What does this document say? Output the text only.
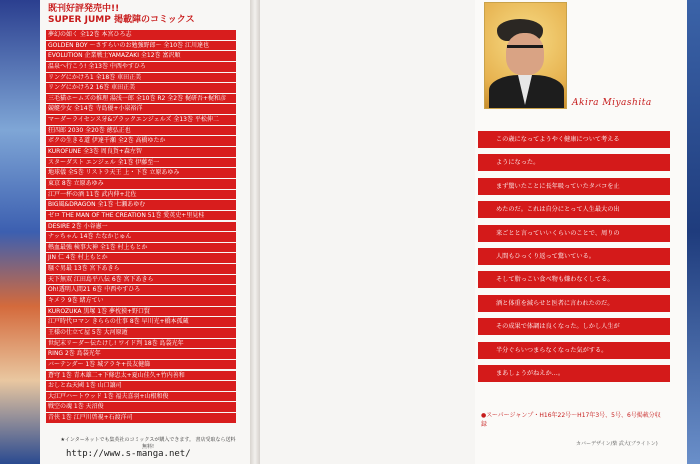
既刊好評発売中!!
SUPER JUMP 掲載陣のコミックス
夢幻の如く 全12巻 本宮ひろ志
GOLDEN BOY ～さすらいのお勉強野郎～ 全10巻 江川達也
EVOLUTION 企業戦士YAMAZAKI 全12巻 富沢順
温泉へ行こう! 全13巻 中西やすひろ
リングにかけろ1 全18巻 車田正美
リングにかけろ2 16巻 車田正美
三毛猫ホームズの推理 湯浅一郎 全10巻 R2 全2巻 梶研吾+梶和彦
競艇少女 全14巻 寺島優+小泉裕洋
マーダーライセンス牙&ブラックエンジェルズ 全13巻 平松伸二
狂四郎 2030 全20巻 徳弘正也
ボクの生きる道 伊達千瀬 全2巻 高橋ゆたか
KUROFUNE 全3巻 周良貨+森左智
スターダスト エンジェル 全1巻 伊藤至一
地球儀 全5巻 リストラ天王 上・下巻 立原あゆみ
東京 8巻 立原あゆみ
江戸一杯の酒 11巻 武内伸+北佐
BIG風&DRAGON 全1巻 七瀬あゆむ
ゼロ THE MAN OF THE CREATION 51巻 愛英史+里見桂
DESIRE 2巻 小谷憲一
ナッちゃん 14巻 たなかじゅん
熱血最強 検事大神 全1巻 村上もとか
JIN 仁 4巻 村上もとか
騒ぐ男最 13巻 宮下あきら
天下無双 江田島平八伝 6巻 宮下あきら
Oh!透明人間21 6巻 中西やすひろ
キメラ 9巻 緒方てい
KUROZUKA 黒塚 1巻 夢枕獏+野口賢
江戸時代ロマン きららの仕事 8巻 早川光+橋本孤蔵
王様の仕立て屋 5巻 大河原遁
世紀末リーダー伝たけし! ワイド判 18巻 島袋光年
RING 2巻 島袋光年
バーテンダー 1巻 城アラキ+長友健篩
蒼穹 1巻 青木雄二+下條忠太+夏山佳久+竹内善和
おしとね天國 1巻 山口譲司
大江戸ハートウッド 1巻 福夫喜羽+山根和俊
戦空の魂 1巻 天沼俊
青侠 1巻 江戸川啓視+石渡洋司
★インターネットでも集英社のコミックスが購入できます。 書店受取なら送料無料!
http://www.s-manga.net/
Akira Miyashita
この歳になってようやく健康について考える
ようになった。
まず驚いたことに長年吸っていたタバコを止
めたのだ。これは自分にとって人生最大の出
来ごとと言っていいくらいのことで、周りの
人間もひっくり返って驚いている。
そして脂っこい食べ物も嫌わなくしてる。
酒と体重を減らせと医者に言われたのだ。
その成果で体調は良くなった。しかし人生が
半分ぐらいつまらなくなった気がする。
まあしょうがねえか…。
●スーパージャンプ・H16年22号～H17年3号、5号、6号掲載分収録
カバーデザイン/柴 武大(ブライトン)
